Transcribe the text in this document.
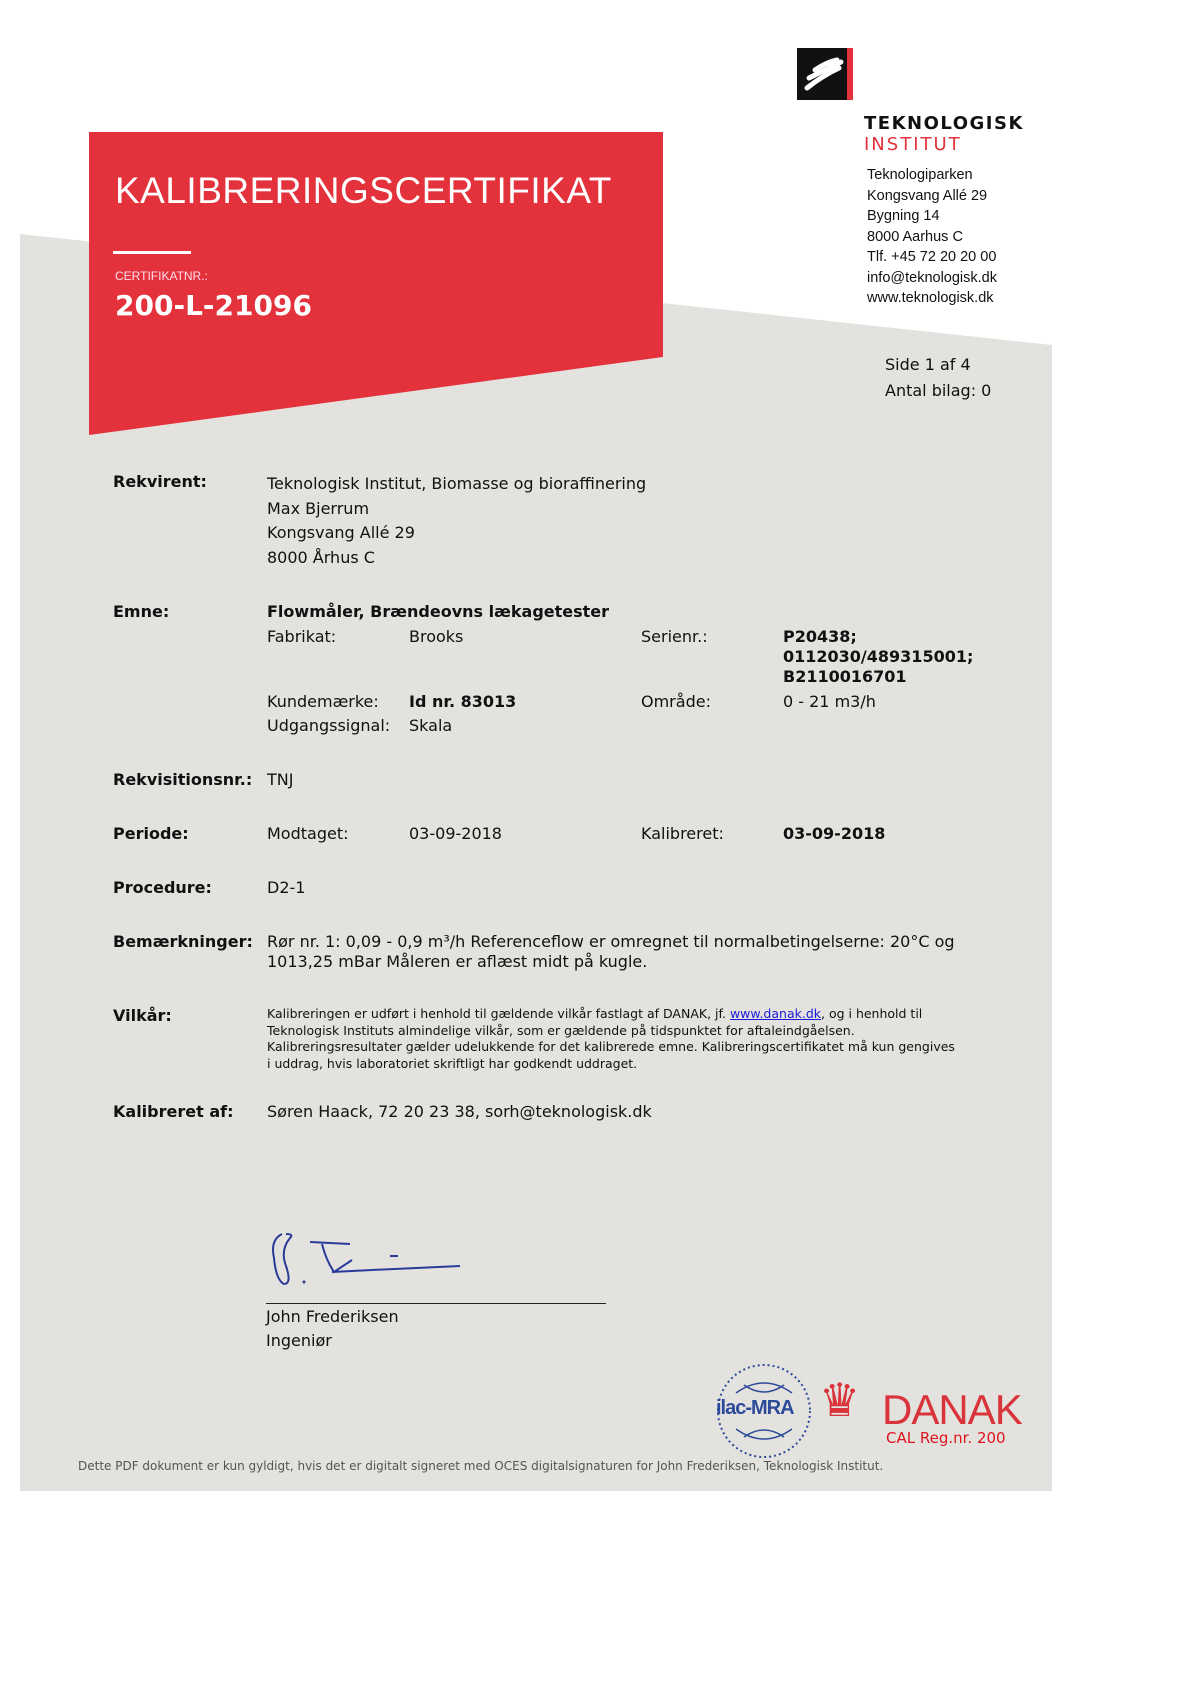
KALIBRERINGSCERTIFIKAT
CERTIFIKATNR.:
200-L-21096
TEKNOLOGISK
INSTITUT
Teknologiparken
Kongsvang Allé 29
Bygning 14
8000 Aarhus C
Tlf. +45 72 20 20 00
info@teknologisk.dk
www.teknologisk.dk
Side 1 af 4
Antal bilag: 0
Rekvirent:	Teknologisk Institut, Biomasse og bioraffinering
Max Bjerrum
Kongsvang Allé 29
8000 Århus C
Emne:	Flowmåler, Brændeovns lækagetester
Fabrikat:	Brooks	Serienr.:	P20438;
0112030/489315001;
B2110016701
Kundemærke: Id nr. 83013	Område:	0 - 21 m3/h
Udgangssignal: Skala
Rekvisitionsnr.: TNJ
Periode:	Modtaget:	03-09-2018	Kalibreret:	03-09-2018
Procedure:	D2-1
Bemærkninger: Rør nr. 1: 0,09 - 0,9 m³/h Referenceflow er omregnet til normalbetingelserne: 20°C og
1013,25 mBar Måleren er aflæst midt på kugle.
Vilkår:	Kalibreringen er udført i henhold til gældende vilkår fastlagt af DANAK, jf. www.danak.dk, og i henhold til
Teknologisk Instituts almindelige vilkår, som er gældende på tidspunktet for aftaleindgåelsen.
Kalibreringsresultater gælder udelukkende for det kalibrerede emne. Kalibreringscertifikatet må kun gengives
i uddrag, hvis laboratoriet skriftligt har godkendt uddraget.
Kalibreret af: Søren Haack, 72 20 23 38, sorh@teknologisk.dk
John Frederiksen
Ingeniør
ilac-MRA ♛ DANAK
CAL Reg.nr. 200
Dette PDF dokument er kun gyldigt, hvis det er digitalt signeret med OCES digitalsignaturen for John Frederiksen, Teknologisk Institut.
